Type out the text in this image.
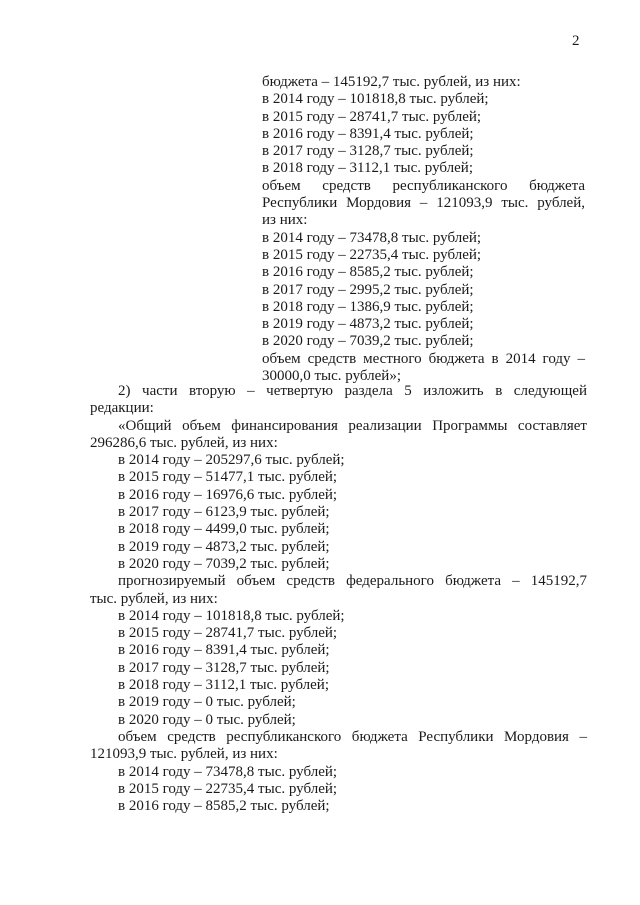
2
бюджета – 145192,7 тыс. рублей, из них:
в 2014 году – 101818,8 тыс. рублей;
в 2015 году – 28741,7 тыс. рублей;
в 2016 году – 8391,4 тыс. рублей;
в 2017 году – 3128,7 тыс. рублей;
в 2018 году – 3112,1 тыс. рублей;
объем средств республиканского бюджета
Республики Мордовия – 121093,9 тыс. рублей,
из них:
в 2014 году – 73478,8 тыс. рублей;
в 2015 году – 22735,4 тыс. рублей;
в 2016 году – 8585,2 тыс. рублей;
в 2017 году – 2995,2 тыс. рублей;
в 2018 году – 1386,9 тыс. рублей;
в 2019 году – 4873,2 тыс. рублей;
в 2020 году – 7039,2 тыс. рублей;
объем средств местного бюджета в 2014 году –
30000,0 тыс. рублей»;
2) части вторую – четвертую раздела 5 изложить в следующей
редакции:
«Общий объем финансирования реализации Программы составляет
296286,6 тыс. рублей, из них:
в 2014 году – 205297,6 тыс. рублей;
в 2015 году – 51477,1 тыс. рублей;
в 2016 году – 16976,6 тыс. рублей;
в 2017 году – 6123,9 тыс. рублей;
в 2018 году – 4499,0 тыс. рублей;
в 2019 году – 4873,2 тыс. рублей;
в 2020 году – 7039,2 тыс. рублей;
прогнозируемый объем средств федерального бюджета – 145192,7
тыс. рублей, из них:
в 2014 году – 101818,8 тыс. рублей;
в 2015 году – 28741,7 тыс. рублей;
в 2016 году – 8391,4 тыс. рублей;
в 2017 году – 3128,7 тыс. рублей;
в 2018 году – 3112,1 тыс. рублей;
в 2019 году – 0 тыс. рублей;
в 2020 году – 0 тыс. рублей;
объем средств республиканского бюджета Республики Мордовия –
121093,9 тыс. рублей, из них:
в 2014 году – 73478,8 тыс. рублей;
в 2015 году – 22735,4 тыс. рублей;
в 2016 году – 8585,2 тыс. рублей;
